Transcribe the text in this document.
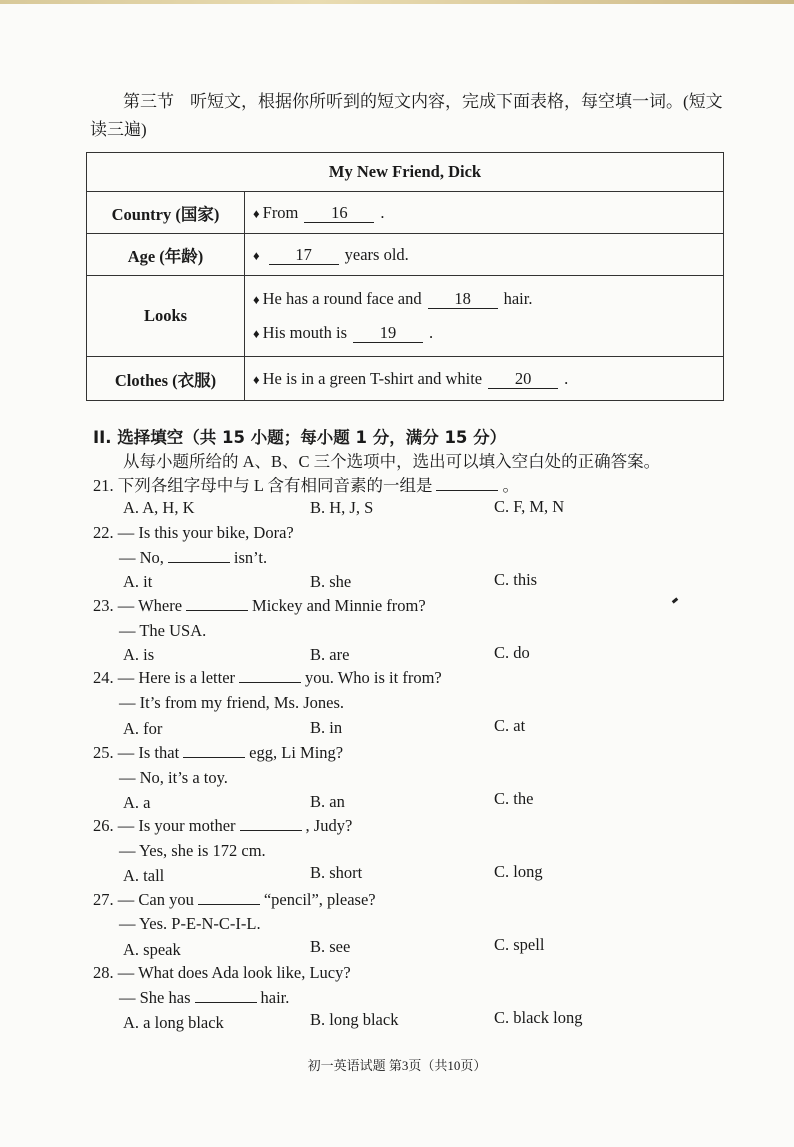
第三节 听短文，根据你所听到的短文内容，完成下面表格，每空填一词。(短文读三遍)
My New Friend, Dick	
Country (国家)	♦ From 16 .

Age (年龄)	♦ 17 years old.

Looks	♦ He has a round face and 18 hair.
♦ His mouth is 19 .

Clothes (衣服)	♦ He is in a green T-shirt and white 20 .
II. 选择填空（共 15 小题；每小题 1 分，满分 15 分）
从每小题所给的 A、B、C 三个选项中，选出可以填入空白处的正确答案。
21. 下列各组字母中与 L 含有相同音素的一组是	。
A. A, H, K	B. H, J, S	C. F, M, N
22. — Is this your bike, Dora?
— No,	isn’t.
A. it	B. she	C. this
23. — Where	Mickey and Minnie from?
— The USA.
A. is	B. are	C. do
24. — Here is a letter	you. Who is it from?
— It’s from my friend, Ms. Jones.
A. for	B. in	C. at
25. — Is that	egg, Li Ming?
— No, it’s a toy.
A. a	B. an	C. the
26. — Is your mother	, Judy?
— Yes, she is 172 cm.
A. tall	B. short	C. long
27. — Can you	“pencil”, please?
— Yes. P-E-N-C-I-L.
A. speak	B. see	C. spell
28. — What does Ada look like, Lucy?
— She has	hair.
A. a long black	B. long black	C. black long
初一英语试题 第3页（共10页）
